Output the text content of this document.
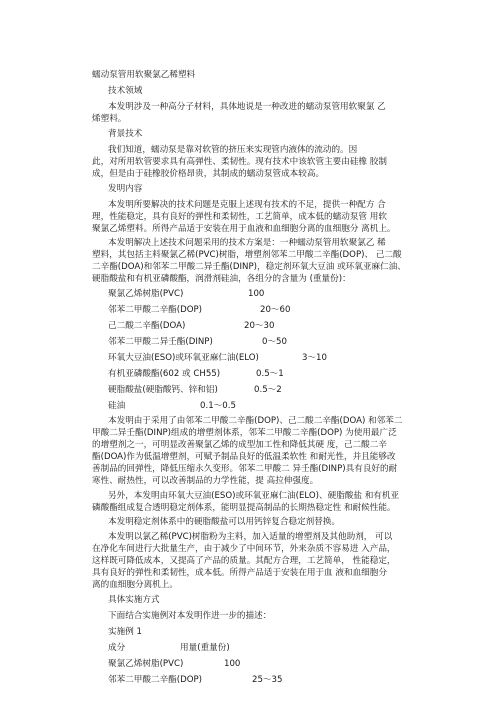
蠕动泵管用软聚氯乙稀塑料
技术领域
本发明涉及一种高分子材料，具体地说是一种改进的蠕动泵管用软聚氯 乙
烯塑料。
背景技术
我们知道，蠕动泵是靠对软管的挤压来实现管内液体的流动的。因
此，对所用软管要求具有高弹性、柔韧性。现有技术中该软管主要由硅橡 胶制
成，但是由于硅橡胶价格昂贵，其制成的蠕动泵管成本较高。
发明内容
本发明所要解决的技术问题是克服上述现有技术的不足，提供一种配方 合
理，性能稳定，具有良好的弹性和柔韧性，工艺简单，成本低的蠕动泵管 用软
聚氯乙烯塑料。所得产品适于安装在用于血液和血细胞分离的血细胞分 离机上。
本发明解决上述技术问题采用的技术方案是：一种蠕动泵管用软聚氯乙 稀
塑料，其包括主料聚氯乙稀(PVC)树脂，增塑剂邻苯二甲酸二辛酯(DOP)、 己二酸
二辛酯(DOA)和邻苯二甲酸二异壬酯(DINP)，稳定剂环氧大豆油 或环氧亚麻仁油、
硬脂酸盐和有机亚磷酸酯，润滑剂硅油，各组分的含量为 (重量份)：
聚氯乙烯树脂(PVC)	100
邻苯二甲酸二辛酯(DOP)	20～60
己二酸二辛酯(DOA)	20～30
邻苯二甲酸二异壬酯(DINP)	0～50
环氧大豆油(ESO)或环氧亚麻仁油(ELO)	3～10
有机亚磷酸酯(602 或 CH55)	0.5～1
硬脂酸盐(硬脂酸钙、锌和铝)	0.5～2
硅油	0.1～0.5
本发明由于采用了由邻苯二甲酸二辛酯(DOP)、己二酸二辛酯(DOA) 和邻苯二
甲酸二异壬酯(DINP)组成的增塑剂体系，邻苯二甲酸二辛酯(DOP) 为使用最广泛
的增塑剂之一，可明显改善聚氯乙烯的成型加工性和降低其硬 度，己二酸二辛
酯(DOA)作为低温增塑剂，可赋予制品良好的低温柔软性 和耐光性，并且能够改
善制品的回弹性，降低压缩永久变形。邻苯二甲酸二 异壬酯(DINP)具有良好的耐
寒性、耐热性，可以改善制品的力学性能，提 高拉伸强度。
另外，本发明由环氧大豆油(ESO)或环氧亚麻仁油(ELO)、硬脂酸盐 和有机亚
磷酸酯组成复合透明稳定剂体系，能明显提高制品的长期热稳定性 和耐候性能。
本发明稳定剂体系中的硬脂酸盐可以用钙锌复合稳定剂替换。
本发明以氯乙稀(PVC)树脂粉为主料，加入适量的增塑剂及其他助剂， 可以
在净化车间进行大批量生产，由于减少了中间环节，外来杂质不容易进 入产品，
这样既可降低成本，又提高了产品的质量。其配方合理，工艺简单， 性能稳定，
具有良好的弹性和柔韧性，成本低。所得产品适于安装在用于血 液和血细胞分
离的血细胞分离机上。
具体实施方式
下面结合实施例对本发明作进一步的描述：
实施例 1
成分	用量(重量份)
聚氯乙烯树脂(PVC)	100
邻苯二甲酸二辛酯(DOP)	25～35
